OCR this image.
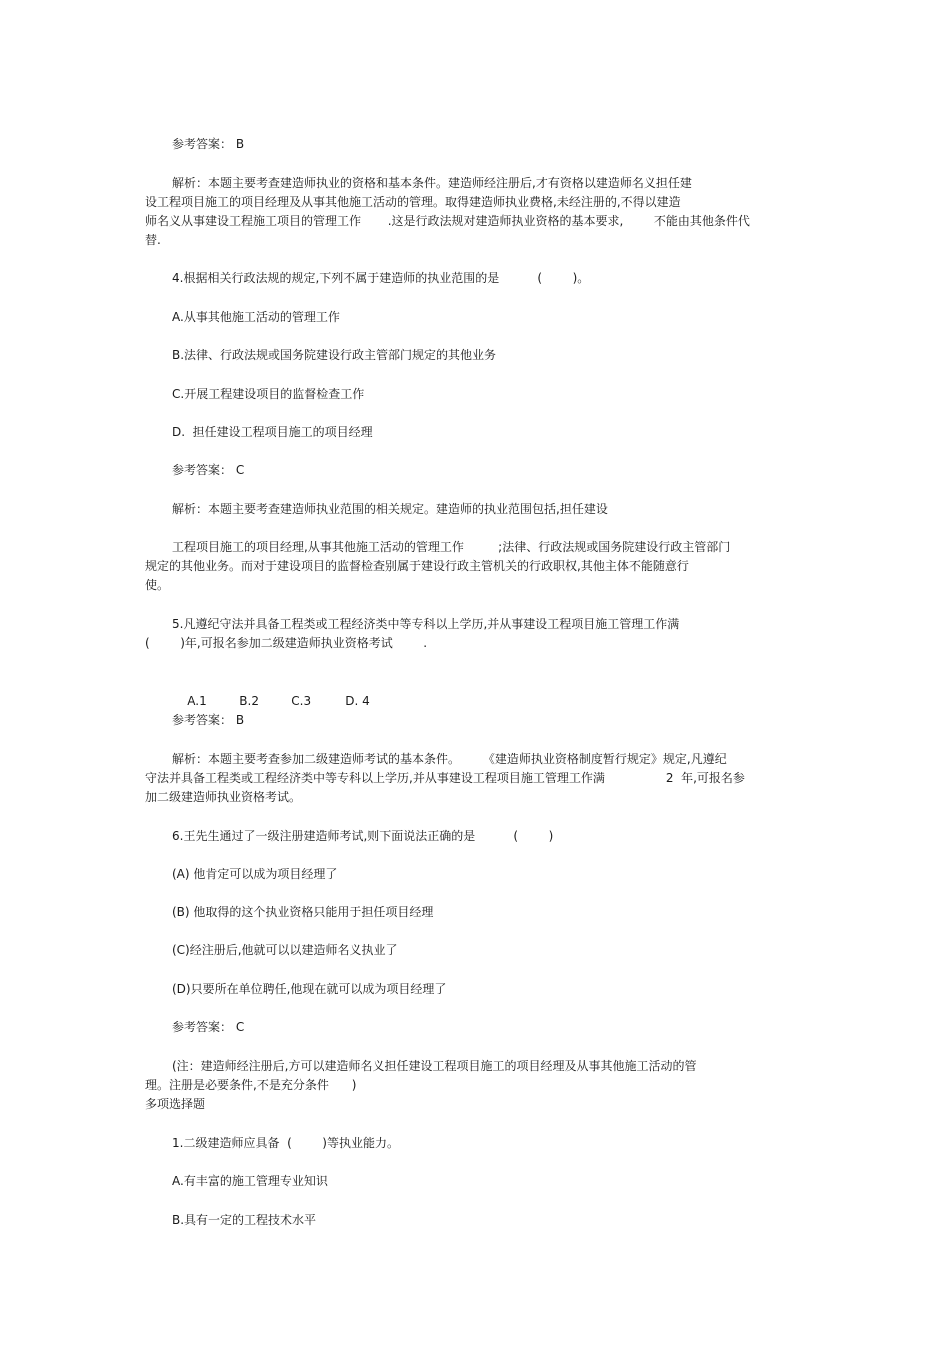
参考答案： B
解析：本题主要考查建造师执业的资格和基本条件。建造师经注册后,才有资格以建造师名义担任建
设工程项目施工的项目经理及从事其他施工活动的管理。取得建造师执业费格,未经注册的,不得以建造
师名义从事建设工程施工项目的管理工作       .这是行政法规对建造师执业资格的基本要求,        不能由其他条件代
替.
4.根据相关行政法规的规定,下列不属于建造师的执业范围的是          (        )。
A.从事其他施工活动的管理工作
B.法律、行政法规或国务院建设行政主管部门规定的其他业务
C.开展工程建设项目的监督检查工作
D.  担任建设工程项目施工的项目经理
参考答案： C
解析：本题主要考查建造师执业范围的相关规定。建造师的执业范围包括,担任建设
工程项目施工的项目经理,从事其他施工活动的管理工作         ;法律、行政法规或国务院建设行政主管部门
规定的其他业务。而对于建设项目的监督检查别属于建设行政主管机关的行政职权,其他主体不能随意行
使。
5.凡遵纪守法并具备工程类或工程经济类中等专科以上学历,并从事建设工程项目施工管理工作满
(        )年,可报名参加二级建造师执业资格考试        .

A.1	B.2	C.3	D. 4

参考答案： B
解析：本题主要考查参加二级建造师考试的基本条件。      《建造师执业资格制度暂行规定》规定,凡遵纪
守法并具备工程类或工程经济类中等专科以上学历,并从事建设工程项目施工管理工作满                2  年,可报名参
加二级建造师执业资格考试。
6.王先生通过了一级注册建造师考试,则下面说法正确的是          (        )
(A) 他肯定可以成为项目经理了
(B) 他取得的这个执业资格只能用于担任项目经理
(C)经注册后,他就可以以建造师名义执业了
(D)只要所在单位聘任,他现在就可以成为项目经理了
参考答案： C
(注：建造师经注册后,方可以建造师名义担任建设工程项目施工的项目经理及从事其他施工活动的管
理。注册是必要条件,不是充分条件      )
多项选择题
1.二级建造师应具备  (        )等执业能力。
A.有丰富的施工管理专业知识
B.具有一定的工程技术水平
